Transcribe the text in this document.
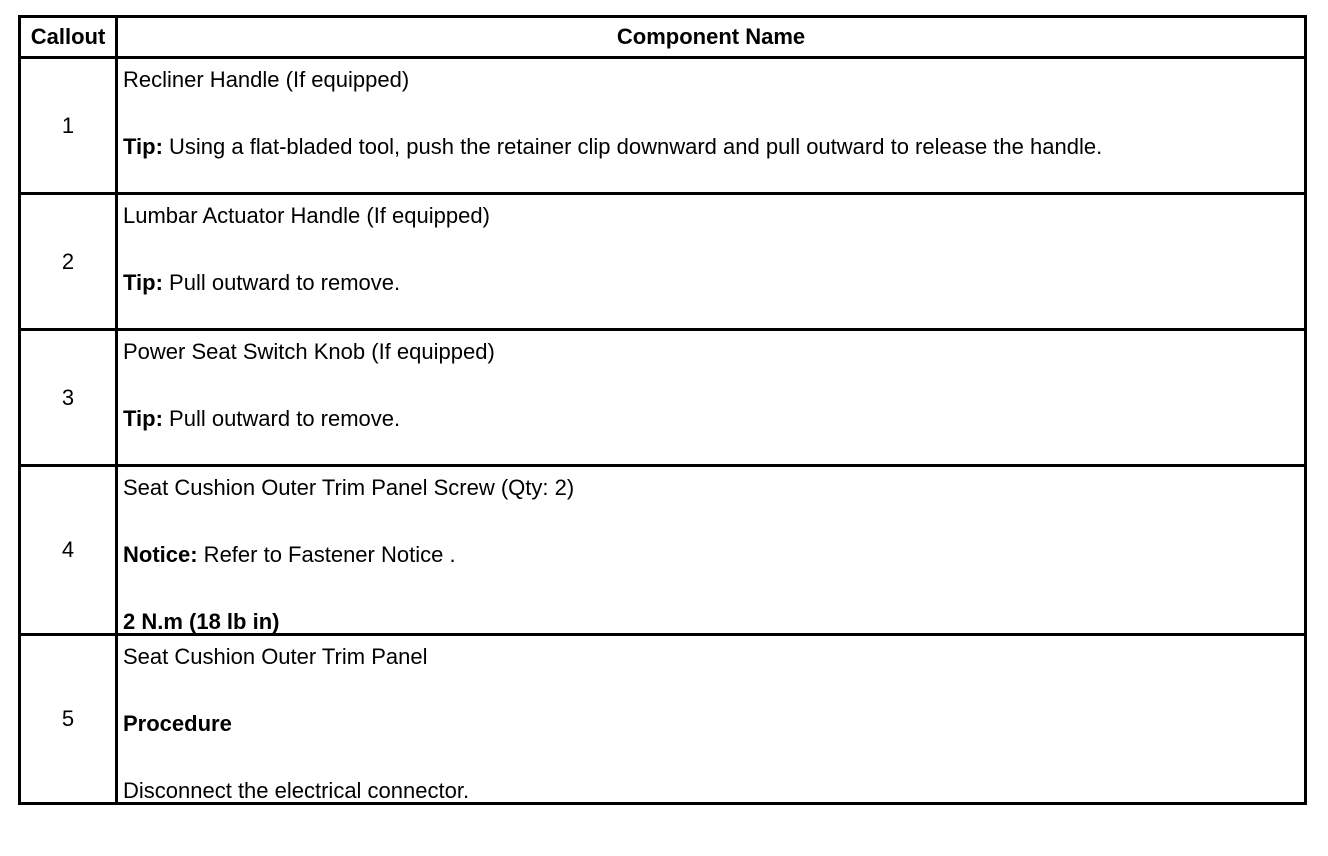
Callout	Component Name
1	Recliner Handle (If equipped)
Tip: Using a flat-bladed tool, push the retainer clip downward and pull outward to release the handle.

2	Lumbar Actuator Handle (If equipped)
Tip: Pull outward to remove.

3	Power Seat Switch Knob (If equipped)
Tip: Pull outward to remove.

4	Seat Cushion Outer Trim Panel Screw (Qty: 2)
Notice: Refer to Fastener Notice .
2 N.m (18 lb in)

5	Seat Cushion Outer Trim Panel
Procedure
Disconnect the electrical connector.
